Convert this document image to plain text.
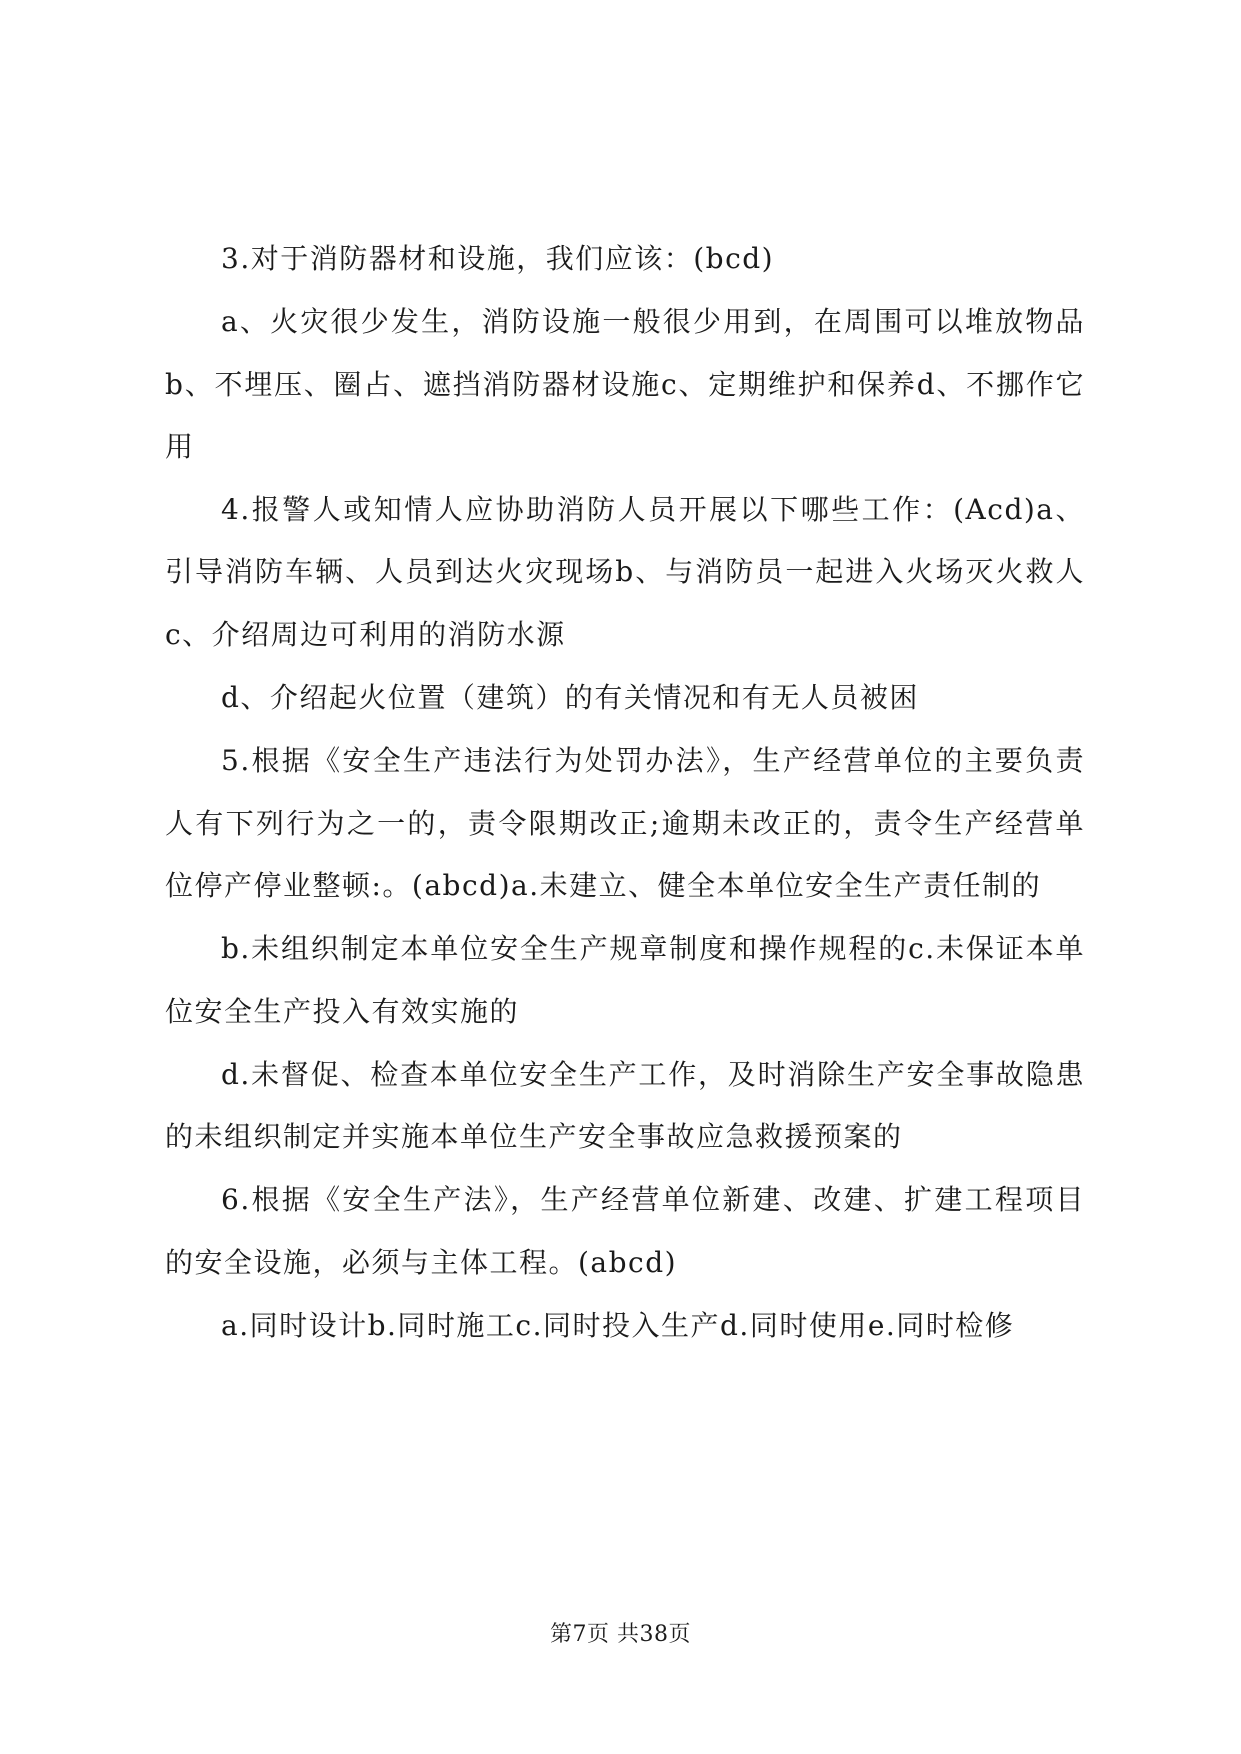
3.对于消防器材和设施，我们应该：(bcd)

a、火灾很少发生，消防设施一般很少用到，在周围可以堆放物品b、不埋压、圈占、遮挡消防器材设施c、定期维护和保养d、不挪作它用

4.报警人或知情人应协助消防人员开展以下哪些工作：(Acd)a、引导消防车辆、人员到达火灾现场b、与消防员一起进入火场灭火救人c、介绍周边可利用的消防水源

d、介绍起火位置（建筑）的有关情况和有无人员被困

5.根据《安全生产违法行为处罚办法》，生产经营单位的主要负责人有下列行为之一的，责令限期改正;逾期未改正的，责令生产经营单位停产停业整顿:。(abcd)a.未建立、健全本单位安全生产责任制的

b.未组织制定本单位安全生产规章制度和操作规程的c.未保证本单位安全生产投入有效实施的

d.未督促、检查本单位安全生产工作，及时消除生产安全事故隐患的未组织制定并实施本单位生产安全事故应急救援预案的

6.根据《安全生产法》，生产经营单位新建、改建、扩建工程项目的安全设施，必须与主体工程。(abcd)

a.同时设计b.同时施工c.同时投入生产d.同时使用e.同时检修

第7页 共38页
